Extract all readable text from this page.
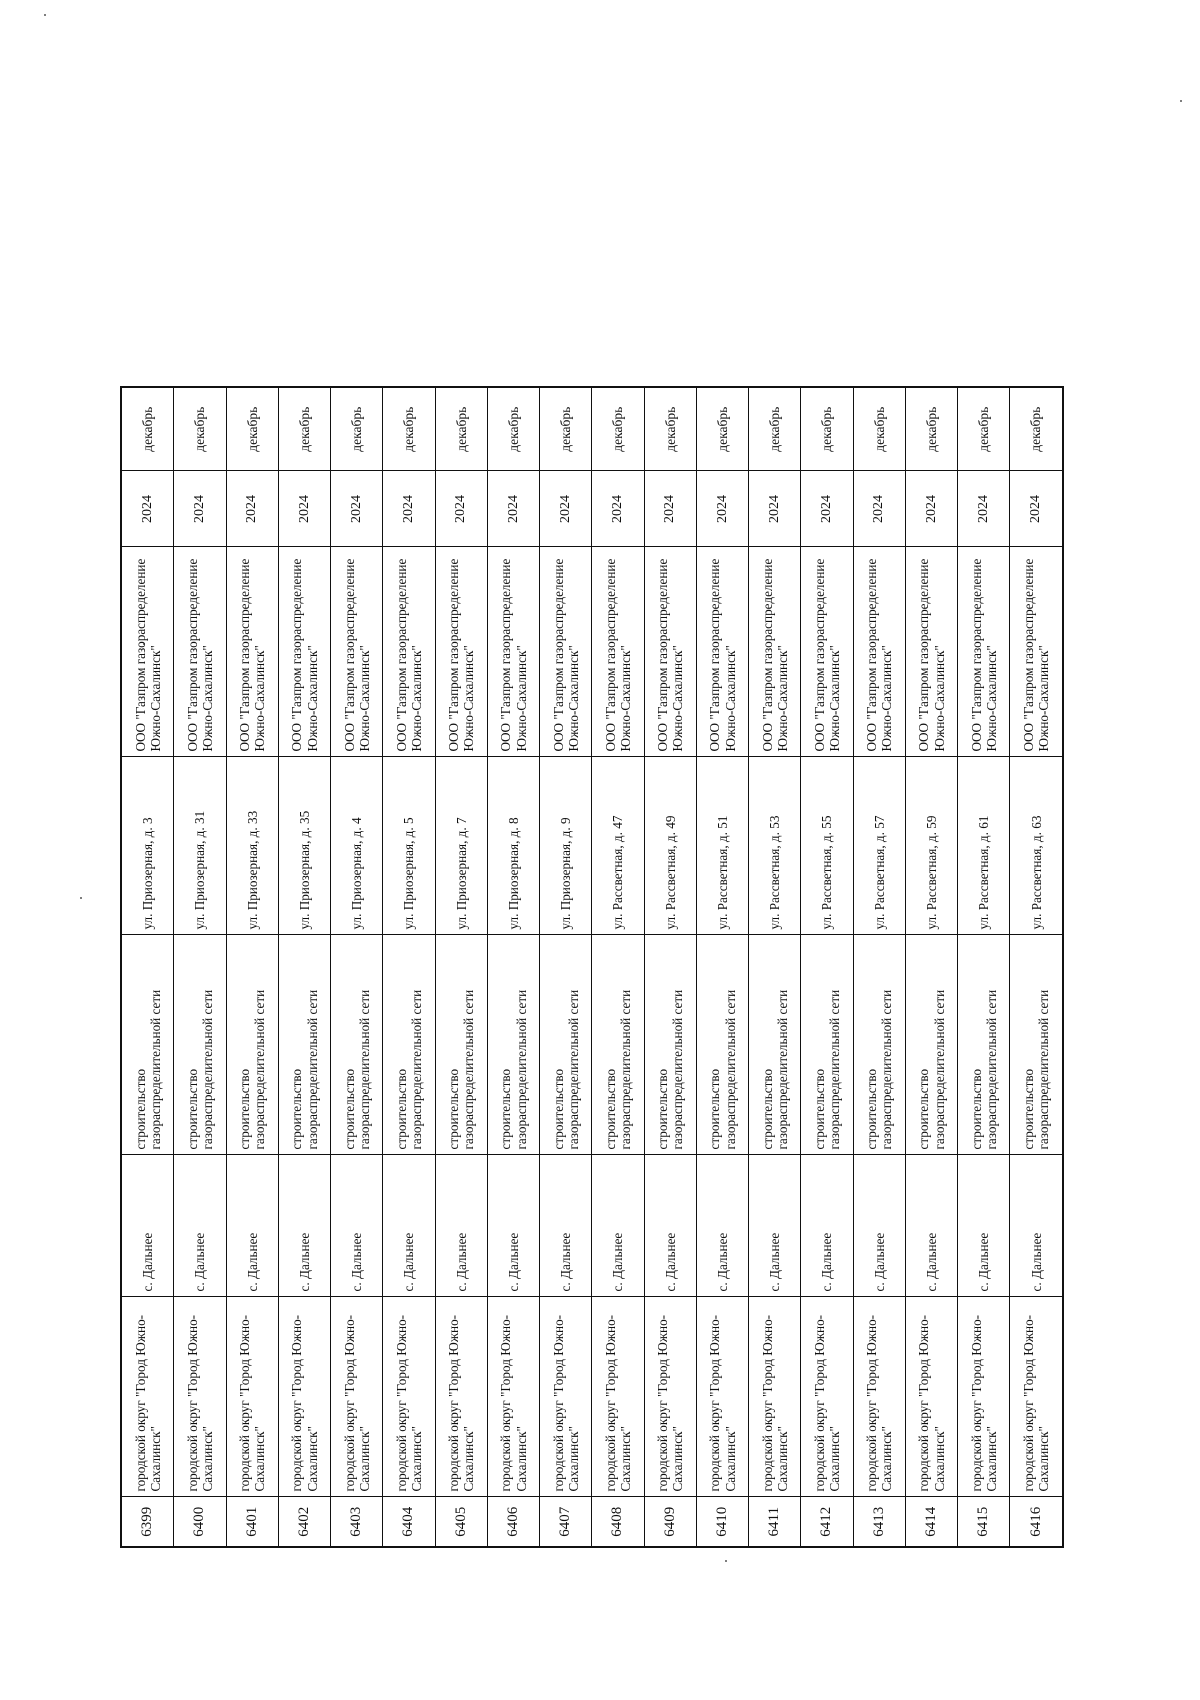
6399	городской округ "Город Южно-Сахалинск"	с. Дальнее	строительство газораспределительной сети	ул. Приозерная, д. 3	ООО "Газпром газораспределение Южно-Сахалинск"	2024	декабрь
6400	городской округ "Город Южно-Сахалинск"	с. Дальнее	строительство газораспределительной сети	ул. Приозерная, д. 31	ООО "Газпром газораспределение Южно-Сахалинск"	2024	декабрь
6401	городской округ "Город Южно-Сахалинск"	с. Дальнее	строительство газораспределительной сети	ул. Приозерная, д. 33	ООО "Газпром газораспределение Южно-Сахалинск"	2024	декабрь
6402	городской округ "Город Южно-Сахалинск"	с. Дальнее	строительство газораспределительной сети	ул. Приозерная, д. 35	ООО "Газпром газораспределение Южно-Сахалинск"	2024	декабрь
6403	городской округ "Город Южно-Сахалинск"	с. Дальнее	строительство газораспределительной сети	ул. Приозерная, д. 4	ООО "Газпром газораспределение Южно-Сахалинск"	2024	декабрь
6404	городской округ "Город Южно-Сахалинск"	с. Дальнее	строительство газораспределительной сети	ул. Приозерная, д. 5	ООО "Газпром газораспределение Южно-Сахалинск"	2024	декабрь
6405	городской округ "Город Южно-Сахалинск"	с. Дальнее	строительство газораспределительной сети	ул. Приозерная, д. 7	ООО "Газпром газораспределение Южно-Сахалинск"	2024	декабрь
6406	городской округ "Город Южно-Сахалинск"	с. Дальнее	строительство газораспределительной сети	ул. Приозерная, д. 8	ООО "Газпром газораспределение Южно-Сахалинск"	2024	декабрь
6407	городской округ "Город Южно-Сахалинск"	с. Дальнее	строительство газораспределительной сети	ул. Приозерная, д. 9	ООО "Газпром газораспределение Южно-Сахалинск"	2024	декабрь
6408	городской округ "Город Южно-Сахалинск"	с. Дальнее	строительство газораспределительной сети	ул. Рассветная, д. 47	ООО "Газпром газораспределение Южно-Сахалинск"	2024	декабрь
6409	городской округ "Город Южно-Сахалинск"	с. Дальнее	строительство газораспределительной сети	ул. Рассветная, д. 49	ООО "Газпром газораспределение Южно-Сахалинск"	2024	декабрь
6410	городской округ "Город Южно-Сахалинск"	с. Дальнее	строительство газораспределительной сети	ул. Рассветная, д. 51	ООО "Газпром газораспределение Южно-Сахалинск"	2024	декабрь
6411	городской округ "Город Южно-Сахалинск"	с. Дальнее	строительство газораспределительной сети	ул. Рассветная, д. 53	ООО "Газпром газораспределение Южно-Сахалинск"	2024	декабрь
6412	городской округ "Город Южно-Сахалинск"	с. Дальнее	строительство газораспределительной сети	ул. Рассветная, д. 55	ООО "Газпром газораспределение Южно-Сахалинск"	2024	декабрь
6413	городской округ "Город Южно-Сахалинск"	с. Дальнее	строительство газораспределительной сети	ул. Рассветная, д. 57	ООО "Газпром газораспределение Южно-Сахалинск"	2024	декабрь
6414	городской округ "Город Южно-Сахалинск"	с. Дальнее	строительство газораспределительной сети	ул. Рассветная, д. 59	ООО "Газпром газораспределение Южно-Сахалинск"	2024	декабрь
6415	городской округ "Город Южно-Сахалинск"	с. Дальнее	строительство газораспределительной сети	ул. Рассветная, д. 61	ООО "Газпром газораспределение Южно-Сахалинск"	2024	декабрь
6416	городской округ "Город Южно-Сахалинск"	с. Дальнее	строительство газораспределительной сети	ул. Рассветная, д. 63	ООО "Газпром газораспределение Южно-Сахалинск"	2024	декабрь
